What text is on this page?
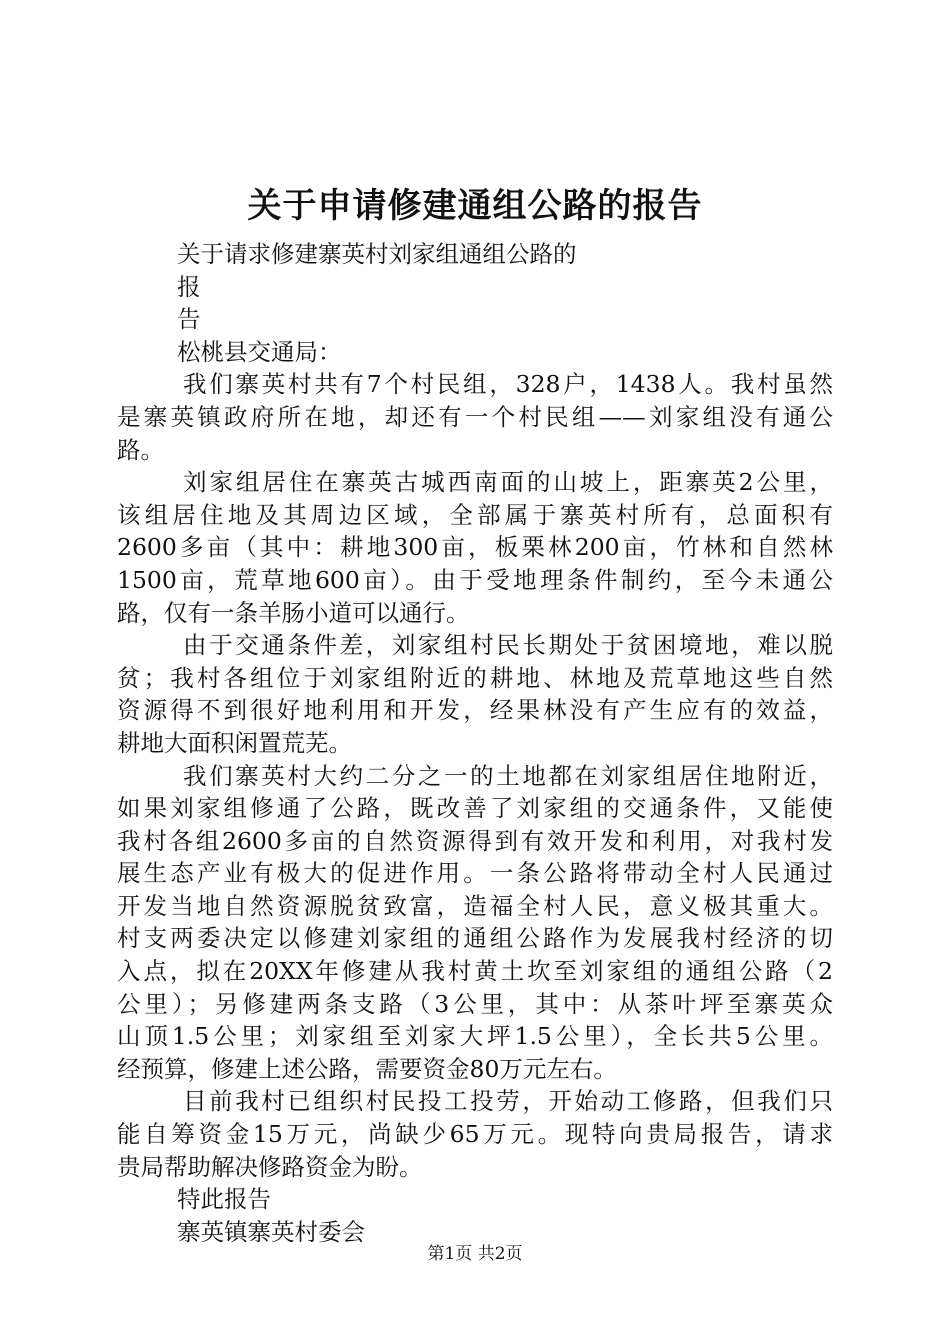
关于申请修建通组公路的报告

关于请求修建寨英村刘家组通组公路的

报

告

松桃县交通局：

我们寨英村共有7个村民组，328户，1438人。我村虽然

是寨英镇政府所在地，却还有一个村民组——刘家组没有通公

路。

刘家组居住在寨英古城西南面的山坡上，距寨英2公里，

该组居住地及其周边区域，全部属于寨英村所有，总面积有

2600多亩（其中：耕地300亩，板栗林200亩，竹林和自然林

1500亩，荒草地600亩）。由于受地理条件制约，至今未通公

路，仅有一条羊肠小道可以通行。

由于交通条件差，刘家组村民长期处于贫困境地，难以脱

贫；我村各组位于刘家组附近的耕地、林地及荒草地这些自然

资源得不到很好地利用和开发，经果林没有产生应有的效益，

耕地大面积闲置荒芜。

我们寨英村大约二分之一的土地都在刘家组居住地附近，

如果刘家组修通了公路，既改善了刘家组的交通条件，又能使

我村各组2600多亩的自然资源得到有效开发和利用，对我村发

展生态产业有极大的促进作用。一条公路将带动全村人民通过

开发当地自然资源脱贫致富，造福全村人民，意义极其重大。

村支两委决定以修建刘家组的通组公路作为发展我村经济的切

入点，拟在20XX年修建从我村黄土坎至刘家组的通组公路（2

公里）；另修建两条支路（3公里，其中：从茶叶坪至寨英众

山顶1.5公里；刘家组至刘家大坪1.5公里），全长共5公里。

经预算，修建上述公路，需要资金80万元左右。

目前我村已组织村民投工投劳，开始动工修路，但我们只

能自筹资金15万元，尚缺少65万元。现特向贵局报告，请求

贵局帮助解决修路资金为盼。

特此报告

寨英镇寨英村委会

第1页 共2页
